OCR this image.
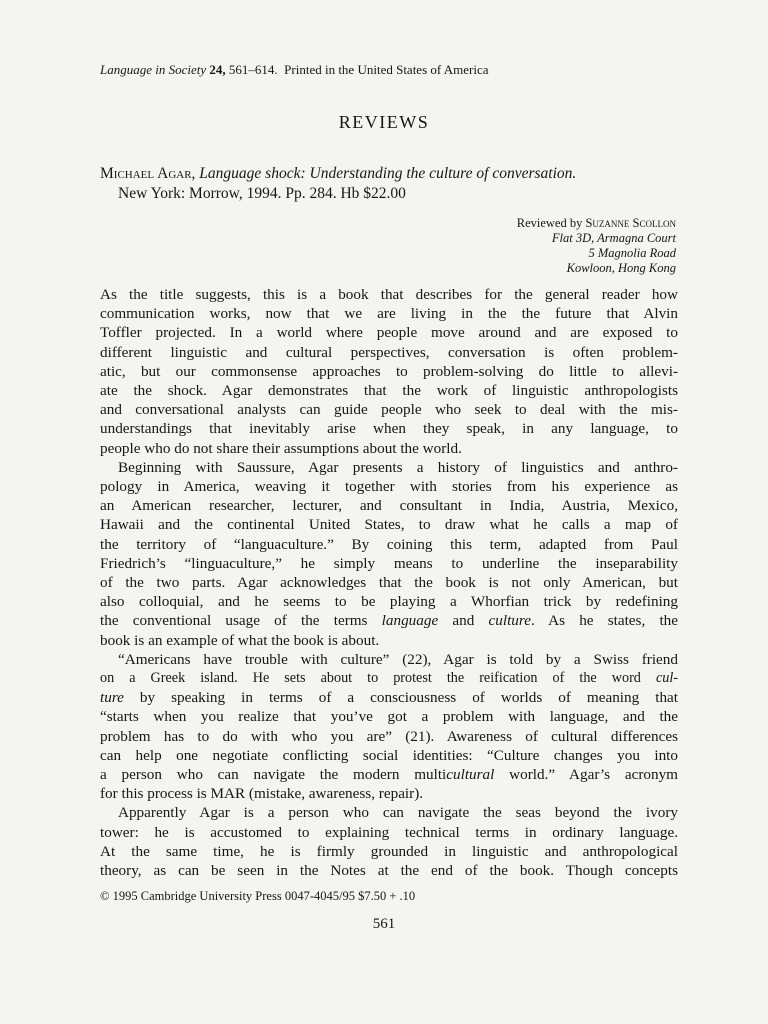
Language in Society 24, 561–614. Printed in the United States of America
REVIEWS
Michael Agar, Language shock: Understanding the culture of conversation.
New York: Morrow, 1994. Pp. 284. Hb $22.00
Reviewed by Suzanne Scollon
Flat 3D, Armagna Court
5 Magnolia Road
Kowloon, Hong Kong
As the title suggests, this is a book that describes for the general reader how
communication works, now that we are living in the the future that Alvin
Toffler projected. In a world where people move around and are exposed to
different linguistic and cultural perspectives, conversation is often problem-
atic, but our commonsense approaches to problem-solving do little to allevi-
ate the shock. Agar demonstrates that the work of linguistic anthropologists
and conversational analysts can guide people who seek to deal with the mis-
understandings that inevitably arise when they speak, in any language, to
people who do not share their assumptions about the world.
Beginning with Saussure, Agar presents a history of linguistics and anthro-
pology in America, weaving it together with stories from his experience as
an American researcher, lecturer, and consultant in India, Austria, Mexico,
Hawaii and the continental United States, to draw what he calls a map of
the territory of “languaculture.” By coining this term, adapted from Paul
Friedrich’s “linguaculture,” he simply means to underline the inseparability
of the two parts. Agar acknowledges that the book is not only American, but
also colloquial, and he seems to be playing a Whorfian trick by redefining
the conventional usage of the terms language and culture. As he states, the
book is an example of what the book is about.
“Americans have trouble with culture” (22), Agar is told by a Swiss friend
on a Greek island. He sets about to protest the reification of the word cul-
ture by speaking in terms of a consciousness of worlds of meaning that
“starts when you realize that you’ve got a problem with language, and the
problem has to do with who you are” (21). Awareness of cultural differences
can help one negotiate conflicting social identities: “Culture changes you into
a person who can navigate the modern multicultural world.” Agar’s acronym
for this process is MAR (mistake, awareness, repair).
Apparently Agar is a person who can navigate the seas beyond the ivory
tower: he is accustomed to explaining technical terms in ordinary language.
At the same time, he is firmly grounded in linguistic and anthropological
theory, as can be seen in the Notes at the end of the book. Though concepts
© 1995 Cambridge University Press 0047-4045/95 $7.50 + .10
561
